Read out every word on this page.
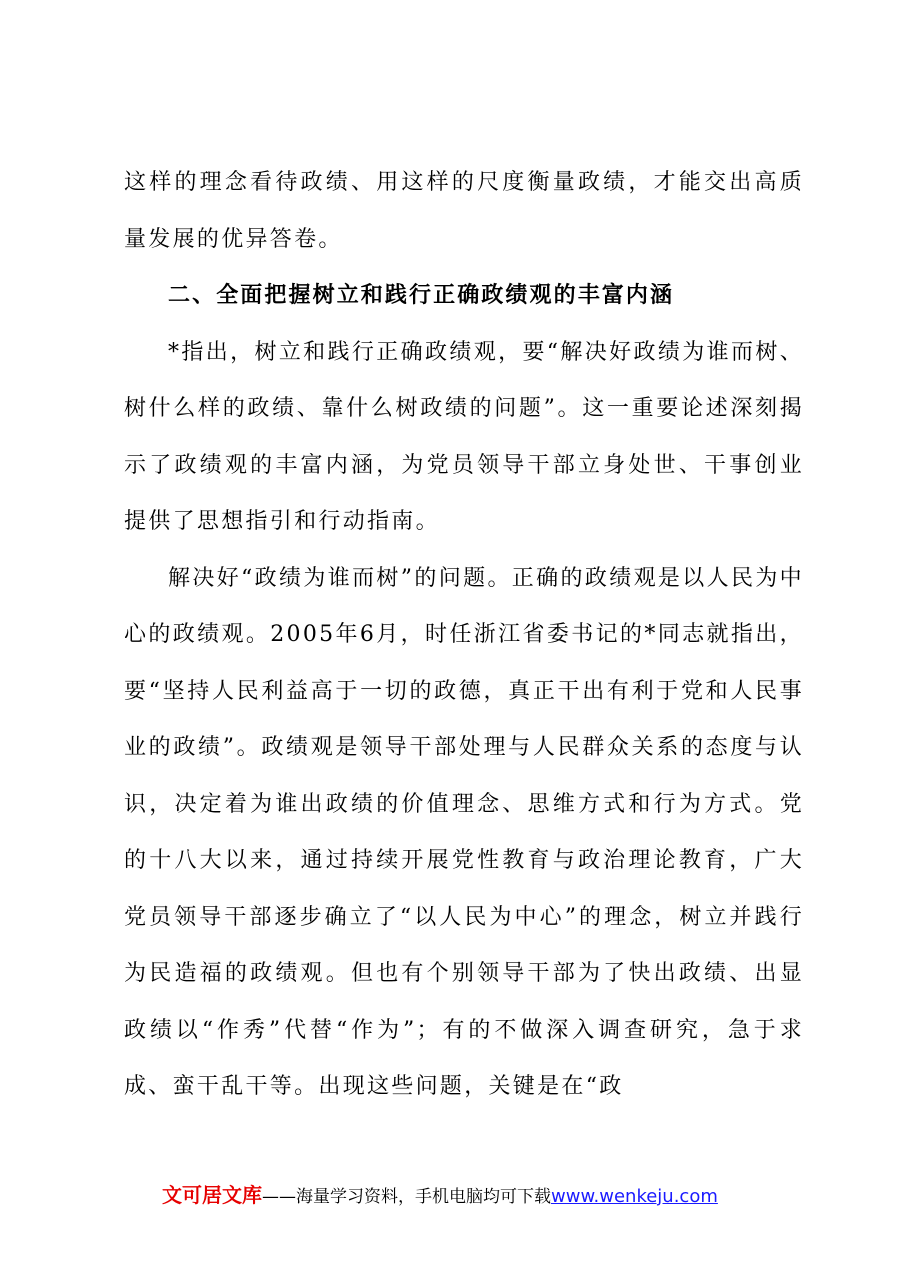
这样的理念看待政绩、用这样的尺度衡量政绩，才能交出高质量发展的优异答卷。

二、全面把握树立和践行正确政绩观的丰富内涵

*指出，树立和践行正确政绩观，要“解决好政绩为谁而树、树什么样的政绩、靠什么树政绩的问题”。这一重要论述深刻揭示了政绩观的丰富内涵，为党员领导干部立身处世、干事创业提供了思想指引和行动指南。

解决好“政绩为谁而树”的问题。正确的政绩观是以人民为中心的政绩观。2005年6月，时任浙江省委书记的*同志就指出，要“坚持人民利益高于一切的政德，真正干出有利于党和人民事业的政绩”。政绩观是领导干部处理与人民群众关系的态度与认识，决定着为谁出政绩的价值理念、思维方式和行为方式。党的十八大以来，通过持续开展党性教育与政治理论教育，广大党员领导干部逐步确立了“以人民为中心”的理念，树立并践行为民造福的政绩观。但也有个别领导干部为了快出政绩、出显政绩以“作秀”代替“作为”；有的不做深入调查研究，急于求成、蛮干乱干等。出现这些问题，关键是在“政

文可居文库——海量学习资料，手机电脑均可下载www.wenkeju.com
